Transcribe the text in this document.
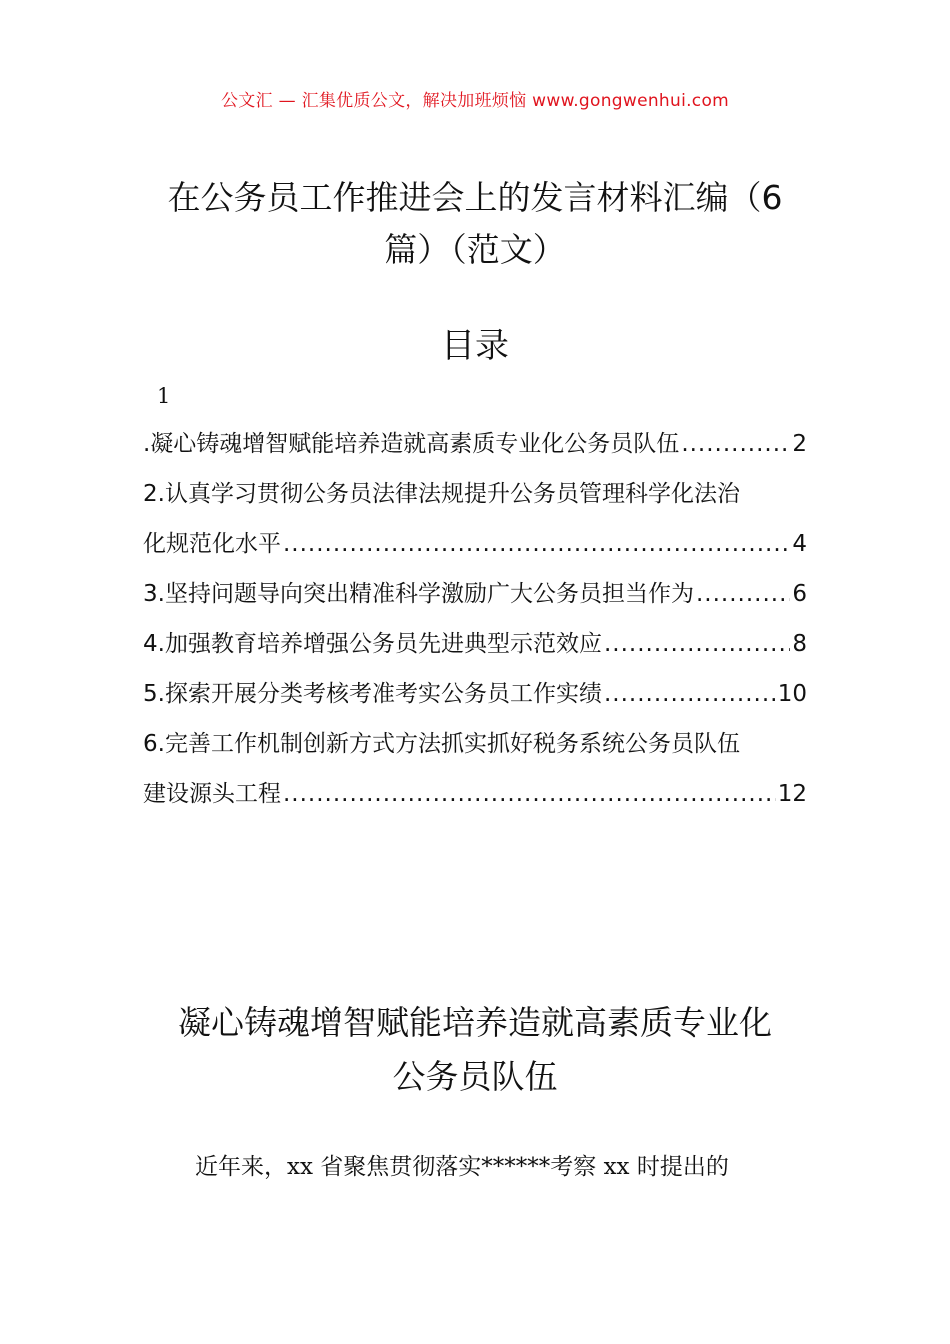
公文汇 — 汇集优质公文，解决加班烦恼 www.gongwenhui.com
在公务员工作推进会上的发言材料汇编（6
篇）（范文）
目录
1
.凝心铸魂增智赋能培养造就高素质专业化公务员队伍 .....	2
2.认真学习贯彻公务员法律法规提升公务员管理科学化法治
化规范化水平 .....	4
3.坚持问题导向突出精准科学激励广大公务员担当作为 .....	6
4.加强教育培养增强公务员先进典型示范效应 .....	8
5.探索开展分类考核考准考实公务员工作实绩 .....	10
6.完善工作机制创新方式方法抓实抓好税务系统公务员队伍
建设源头工程 .....	12
凝心铸魂增智赋能培养造就高素质专业化
公务员队伍
近年来，xx 省聚焦贯彻落实******考察 xx 时提出的
